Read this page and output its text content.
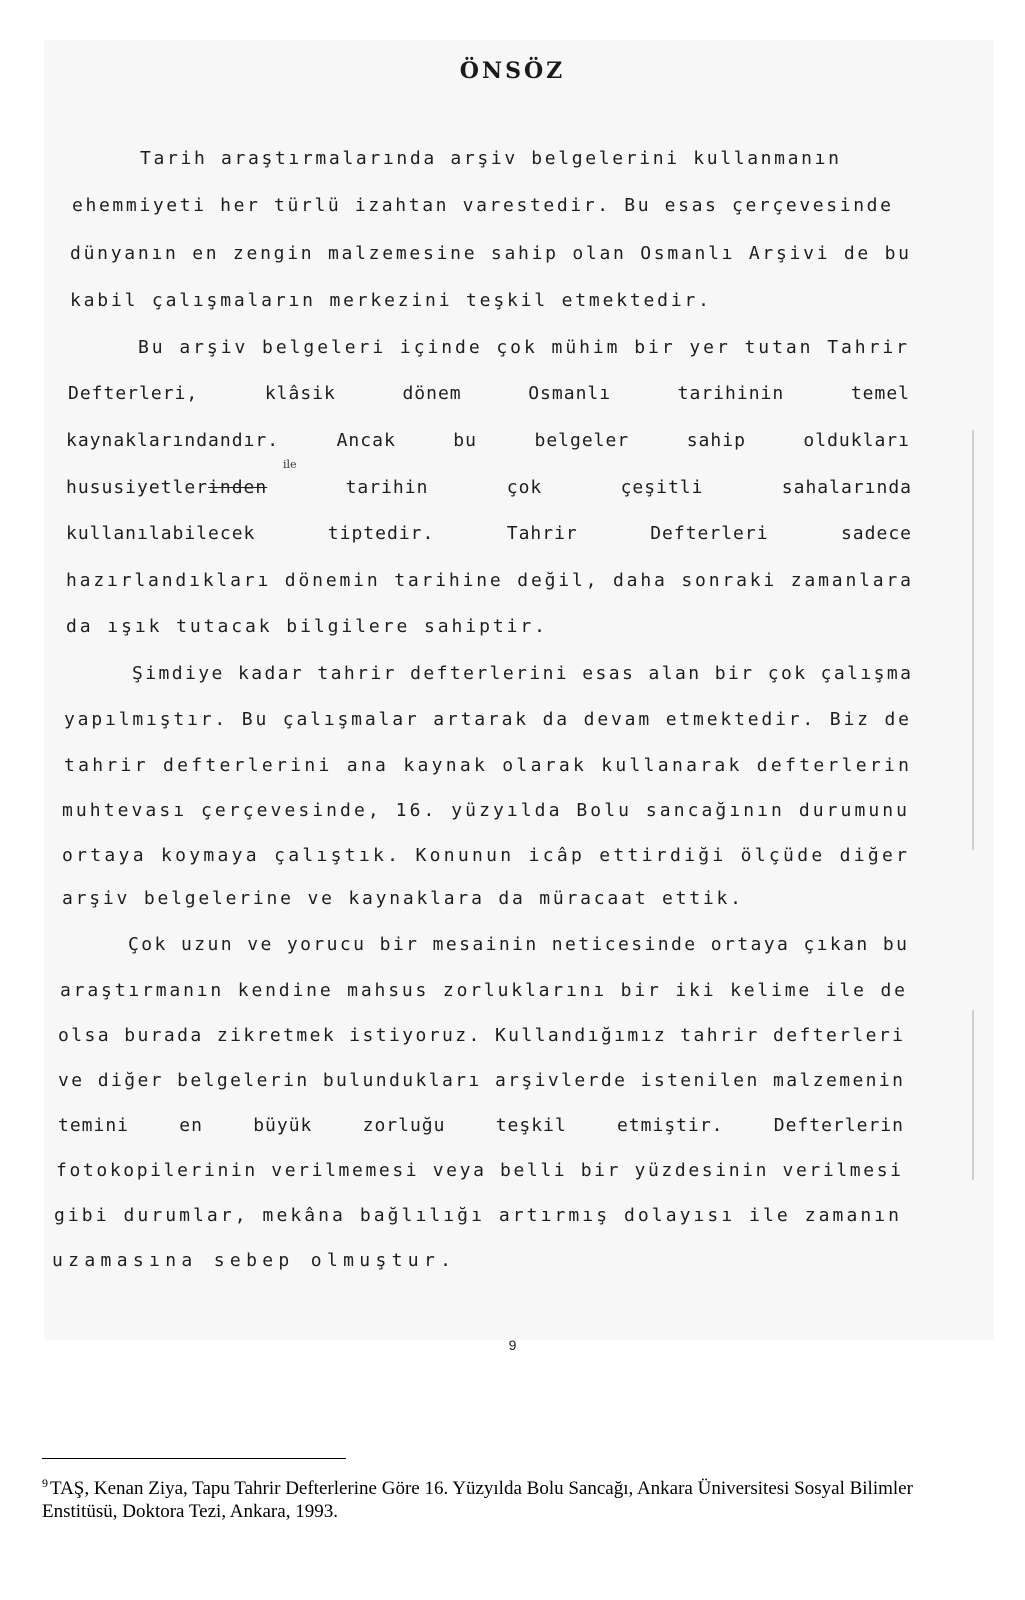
ÖNSÖZ
Tarih araştırmalarında arşiv belgelerini kullanmanın
ehemmiyeti her türlü izahtan varestedir. Bu esas çerçevesinde
dünyanın en zengin malzemesine sahip olan Osmanlı Arşivi de bu
kabil çalışmaların merkezini teşkil etmektedir.
Bu arşiv belgeleri içinde çok mühim bir yer tutan Tahrir
Defterleri,	klâsik	dönem	Osmanlı	tarihinin	temel
kaynaklarındandır.	Ancak	bu	belgeler	sahip	oldukları
hususiyetlerinden	tarihin	çok	çeşitli	sahalarında
ile
kullanılabilecek	tiptedir.	Tahrir	Defterleri	sadece
hazırlandıkları dönemin tarihine değil, daha sonraki zamanlara
da ışık tutacak bilgilere sahiptir.
Şimdiye kadar tahrir defterlerini esas alan bir çok çalışma
yapılmıştır. Bu çalışmalar artarak da devam etmektedir. Biz de
tahrir defterlerini ana kaynak olarak kullanarak defterlerin
muhtevası çerçevesinde, 16. yüzyılda Bolu sancağının durumunu
ortaya koymaya çalıştık. Konunun icâp ettirdiği ölçüde diğer
arşiv belgelerine ve kaynaklara da müracaat ettik.
Çok uzun ve yorucu bir mesainin neticesinde ortaya çıkan bu
araştırmanın kendine mahsus zorluklarını bir iki kelime ile de
olsa burada zikretmek istiyoruz. Kullandığımız tahrir defterleri
ve diğer belgelerin bulundukları arşivlerde istenilen malzemenin
temini	en	büyük	zorluğu	teşkil	etmiştir.	Defterlerin
fotokopilerinin verilmemesi veya belli bir yüzdesinin verilmesi
gibi durumlar, mekâna bağlılığı artırmış dolayısı ile zamanın
uzamasına sebep olmuştur.
9
$^9$ TAŞ, Kenan Ziya, Tapu Tahrir Defterlerine Göre 16. Yüzyılda Bolu Sancağı, Ankara Üniversitesi Sosyal Bilimler Enstitüsü, Doktora Tezi, Ankara, 1993.
